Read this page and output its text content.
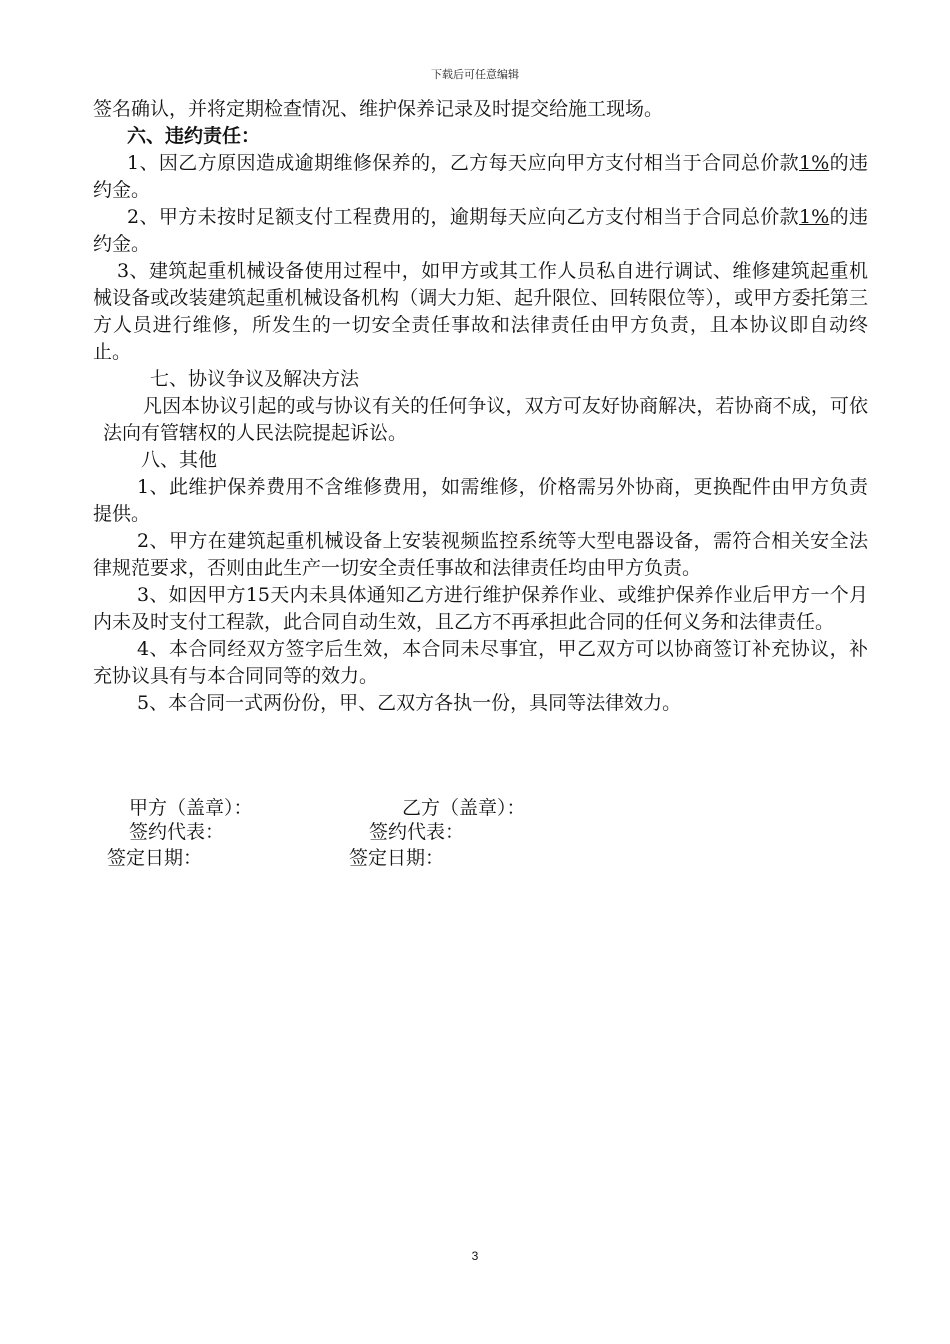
下载后可任意编辑

签名确认，并将定期检查情况、维护保养记录及时提交给施工现场。

六、违约责任：

1、因乙方原因造成逾期维修保养的，乙方每天应向甲方支付相当于合同总价款1%的违约金。

2、甲方未按时足额支付工程费用的，逾期每天应向乙方支付相当于合同总价款1%的违约金。

3、建筑起重机械设备使用过程中，如甲方或其工作人员私自进行调试、维修建筑起重机械设备或改装建筑起重机械设备机构（调大力矩、起升限位、回转限位等），或甲方委托第三方人员进行维修，所发生的一切安全责任事故和法律责任由甲方负责，且本协议即自动终止。

七、协议争议及解决方法

凡因本协议引起的或与协议有关的任何争议，双方可友好协商解决，若协商不成，可依法向有管辖权的人民法院提起诉讼。

八、其他

1、此维护保养费用不含维修费用，如需维修，价格需另外协商，更换配件由甲方负责提供。

2、甲方在建筑起重机械设备上安装视频监控系统等大型电器设备，需符合相关安全法律规范要求，否则由此生产一切安全责任事故和法律责任均由甲方负责。

3、如因甲方15天内未具体通知乙方进行维护保养作业、或维护保养作业后甲方一个月内未及时支付工程款，此合同自动生效，且乙方不再承担此合同的任何义务和法律责任。

4、本合同经双方签字后生效，本合同未尽事宜，甲乙双方可以协商签订补充协议，补充协议具有与本合同同等的效力。

5、本合同一式两份份，甲、乙双方各执一份，具同等法律效力。

甲方（盖章）：	乙方（盖章）：
签约代表：	签约代表：
签定日期：	签定日期：
3
